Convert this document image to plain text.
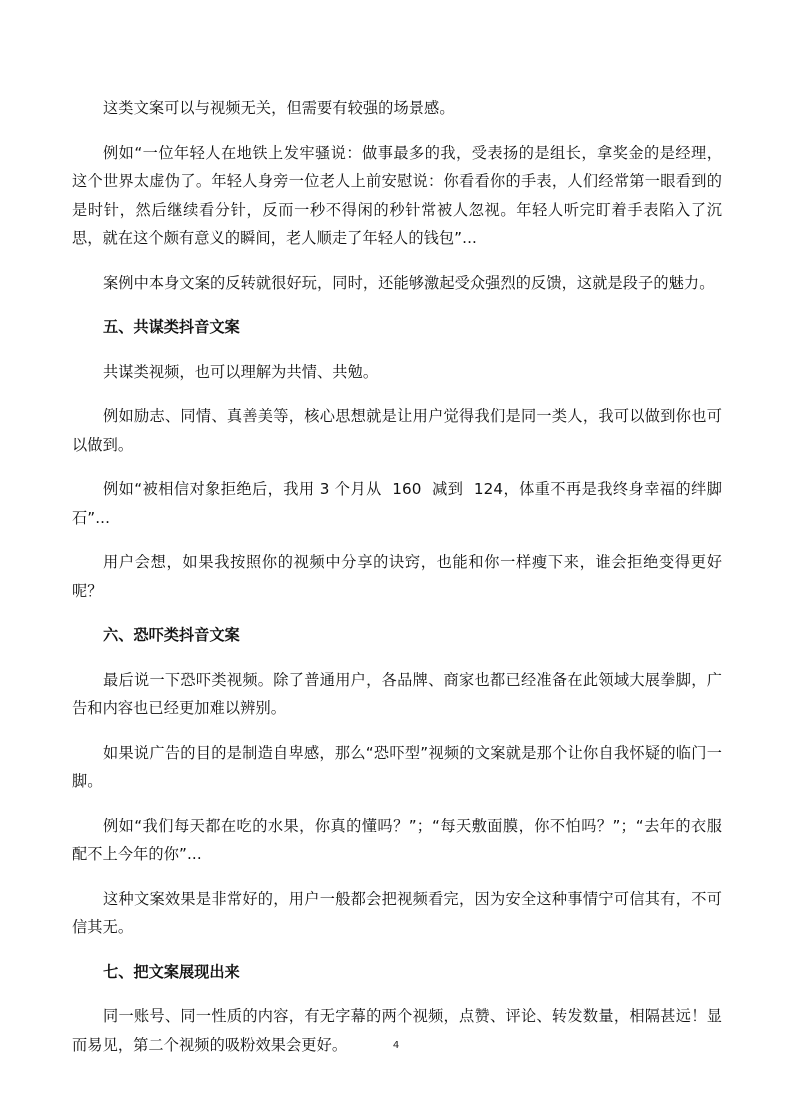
这类文案可以与视频无关，但需要有较强的场景感。

例如“一位年轻人在地铁上发牢骚说：做事最多的我，受表扬的是组长，拿奖金的是经理，这个世界太虚伪了。年轻人身旁一位老人上前安慰说：你看看你的手表，人们经常第一眼看到的是时针，然后继续看分针，反而一秒不得闲的秒针常被人忽视。年轻人听完盯着手表陷入了沉思，就在这个颇有意义的瞬间，老人顺走了年轻人的钱包”...

案例中本身文案的反转就很好玩，同时，还能够激起受众强烈的反馈，这就是段子的魅力。

五、共谋类抖音文案

共谋类视频，也可以理解为共情、共勉。

例如励志、同情、真善美等，核心思想就是让用户觉得我们是同一类人，我可以做到你也可以做到。

例如“被相信对象拒绝后，我用 3 个月从  160  减到  124，体重不再是我终身幸福的绊脚石”...

用户会想，如果我按照你的视频中分享的诀窍，也能和你一样瘦下来，谁会拒绝变得更好呢？

六、恐吓类抖音文案

最后说一下恐吓类视频。除了普通用户，各品牌、商家也都已经准备在此领域大展拳脚，广告和内容也已经更加难以辨别。

如果说广告的目的是制造自卑感，那么“恐吓型”视频的文案就是那个让你自我怀疑的临门一脚。

例如“我们每天都在吃的水果，你真的懂吗？”；“每天敷面膜，你不怕吗？”；“去年的衣服配不上今年的你”...

这种文案效果是非常好的，用户一般都会把视频看完，因为安全这种事情宁可信其有，不可信其无。

七、把文案展现出来

同一账号、同一性质的内容，有无字幕的两个视频，点赞、评论、转发数量，相隔甚远！显而易见，第二个视频的吸粉效果会更好。	4
